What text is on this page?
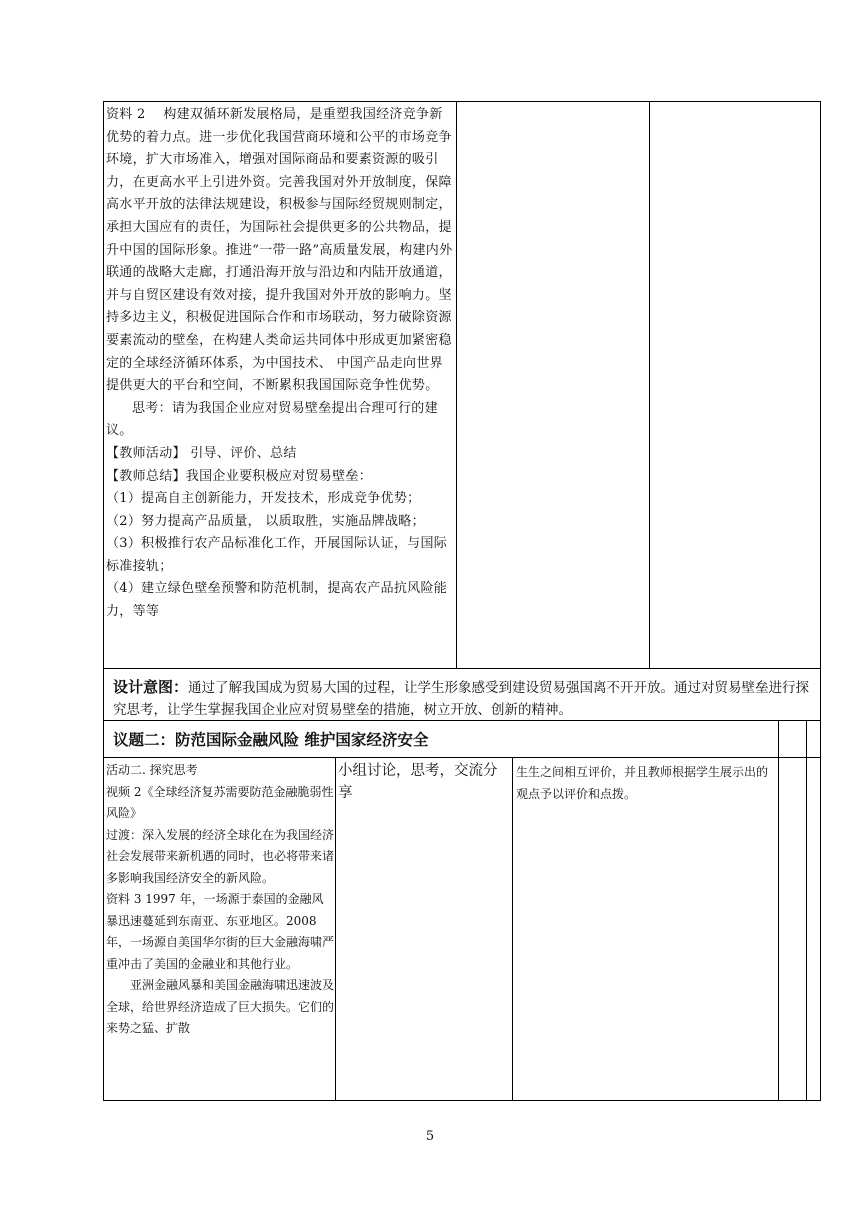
资料 2　 构建双循环新发展格局，是重塑我国经济竞争新优势的着力点。进一步优化我国营商环境和公平的市场竞争环境，扩大市场准入，增强对国际商品和要素资源的吸引力，在更高水平上引进外资。完善我国对外开放制度，保障高水平开放的法律法规建设，积极参与国际经贸规则制定，承担大国应有的责任，为国际社会提供更多的公共物品，提升中国的国际形象。推进“一带一路”高质量发展，构建内外联通的战略大走廊，打通沿海开放与沿边和内陆开放通道，并与自贸区建设有效对接，提升我国对外开放的影响力。坚持多边主义，积极促进国际合作和市场联动，努力破除资源要素流动的壁垒，在构建人类命运共同体中形成更加紧密稳定的全球经济循环体系，为中国技术、 中国产品走向世界提供更大的平台和空间，不断累积我国国际竞争性优势。

思考：请为我国企业应对贸易壁垒提出合理可行的建议。

【教师活动】 引导、评价、总结

【教师总结】我国企业要积极应对贸易壁垒：

（1）提高自主创新能力，开发技术，形成竞争优势；

（2）努力提高产品质量， 以质取胜，实施品牌战略；

（3）积极推行农产品标准化工作，开展国际认证，与国际标准接轨；

（4）建立绿色壁垒预警和防范机制，提高农产品抗风险能力，等等

设计意图：通过了解我国成为贸易大国的过程，让学生形象感受到建设贸易强国离不开开放。通过对贸易壁垒进行探究思考，让学生掌握我国企业应对贸易壁垒的措施，树立开放、创新的精神。
议题二：防范国际金融风险 维护国家经济安全

活动二. 探究思考

视频 2《全球经济复苏需要防范金融脆弱性风险》

过渡：深入发展的经济全球化在为我国经济社会发展带来新机遇的同时，也必将带来诸多影响我国经济安全的新风险。

资料 3 1997 年，一场源于泰国的金融风暴迅速蔓延到东南亚、东亚地区。2008 年，一场源自美国华尔街的巨大金融海啸严重冲击了美国的金融业和其他行业。

亚洲金融风暴和美国金融海啸迅速波及全球，给世界经济造成了巨大损失。它们的来势之猛、扩散

小组讨论，思考，交流分享
生生之间相互评价，并且教师根据学生展示出的观点予以评价和点拨。
5
